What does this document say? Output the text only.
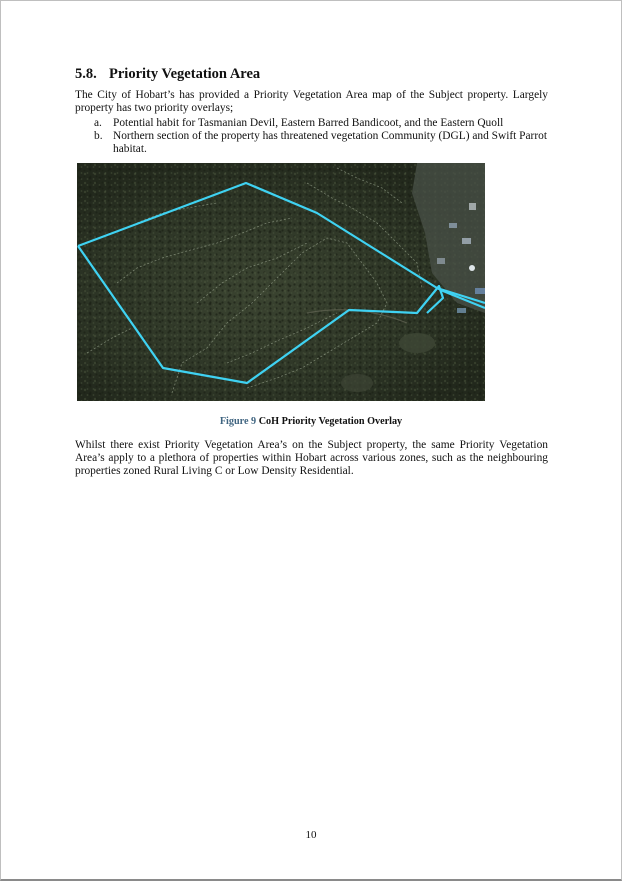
5.8. Priority Vegetation Area
The City of Hobart’s has provided a Priority Vegetation Area map of the Subject property. Largely property has two priority overlays;
a. Potential habit for Tasmanian Devil, Eastern Barred Bandicoot, and the Eastern Quoll
b. Northern section of the property has threatened vegetation Community (DGL) and Swift Parrot habitat.
Figure 9 CoH Priority Vegetation Overlay
Whilst there exist Priority Vegetation Area’s on the Subject property, the same Priority Vegetation Area’s apply to a plethora of properties within Hobart across various zones, such as the neighbouring properties zoned Rural Living C or Low Density Residential.
10
